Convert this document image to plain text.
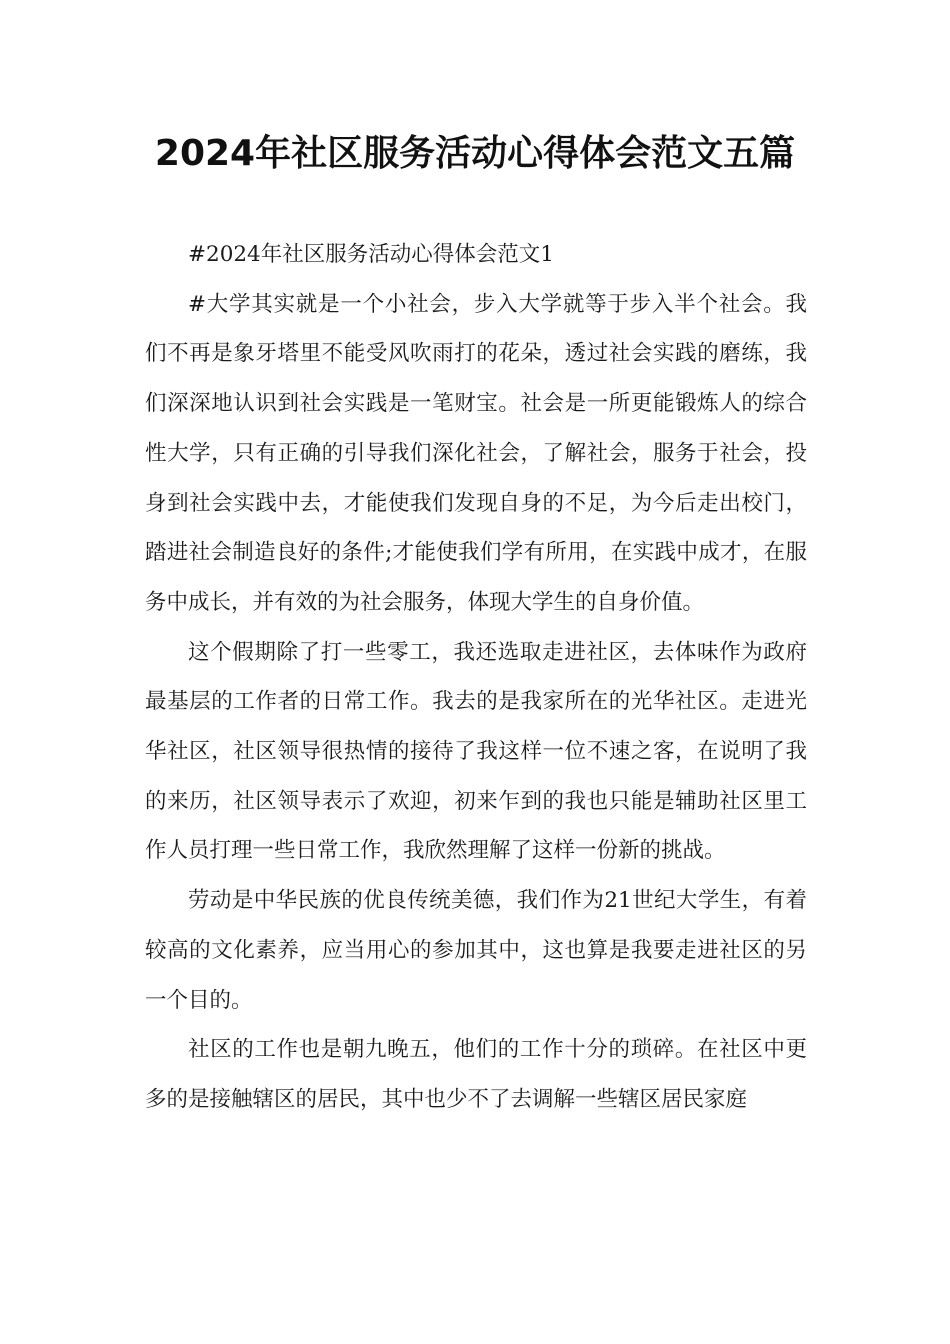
2024年社区服务活动心得体会范文五篇

#2024年社区服务活动心得体会范文1

#大学其实就是一个小社会，步入大学就等于步入半个社会。我们不再是象牙塔里不能受风吹雨打的花朵，透过社会实践的磨练，我们深深地认识到社会实践是一笔财宝。社会是一所更能锻炼人的综合性大学，只有正确的引导我们深化社会，了解社会，服务于社会，投身到社会实践中去，才能使我们发现自身的不足，为今后走出校门，踏进社会制造良好的条件;才能使我们学有所用，在实践中成才，在服务中成长，并有效的为社会服务，体现大学生的自身价值。

这个假期除了打一些零工，我还选取走进社区，去体味作为政府最基层的工作者的日常工作。我去的是我家所在的光华社区。走进光华社区，社区领导很热情的接待了我这样一位不速之客，在说明了我的来历，社区领导表示了欢迎，初来乍到的我也只能是辅助社区里工作人员打理一些日常工作，我欣然理解了这样一份新的挑战。

劳动是中华民族的优良传统美德，我们作为21世纪大学生，有着较高的文化素养，应当用心的参加其中，这也算是我要走进社区的另一个目的。

社区的工作也是朝九晚五，他们的工作十分的琐碎。在社区中更多的是接触辖区的居民，其中也少不了去调解一些辖区居民家庭
